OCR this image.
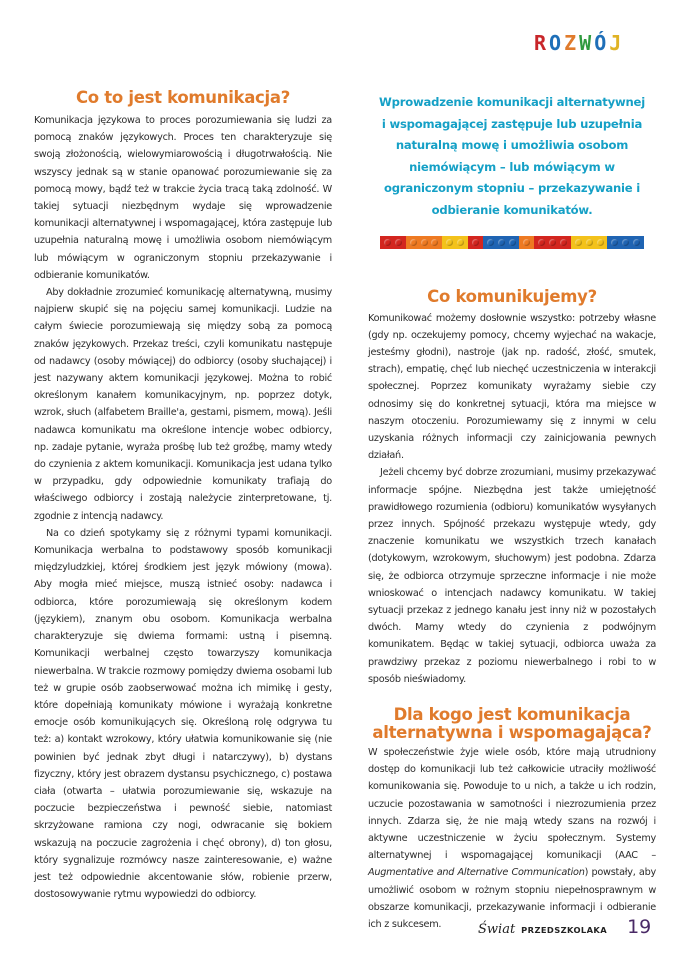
R O Z W Ó J
Co to jest komunikacja?

Komunikacja językowa to proces porozumiewania się ludzi za pomocą znaków językowych. Proces ten charakteryzuje się swoją złożonością, wielowymiarowością i długotrwałością. Nie wszyscy jednak są w stanie opanować porozumiewanie się za pomocą mowy, bądź też w trakcie życia tracą taką zdolność. W takiej sytuacji niezbędnym wydaje się wprowadzenie komunikacji alternatywnej i wspomagającej, która zastępuje lub uzupełnia naturalną mowę i umożliwia osobom niemówiącym lub mówiącym w ograniczonym stopniu przekazywanie i odbieranie komunikatów.

Aby dokładnie zrozumieć komunikację alternatywną, musimy najpierw skupić się na pojęciu samej komunikacji. Ludzie na całym świecie porozumiewają się między sobą za pomocą znaków językowych. Przekaz treści, czyli komunikatu następuje od nadawcy (osoby mówiącej) do odbiorcy (osoby słuchającej) i jest nazywany aktem komunikacji językowej. Można to robić określonym kanałem komunikacyjnym, np. poprzez dotyk, wzrok, słuch (alfabetem Braille'a, gestami, pismem, mową). Jeśli nadawca komunikatu ma określone intencje wobec odbiorcy, np. zadaje pytanie, wyraża prośbę lub też groźbę, mamy wtedy do czynienia z aktem komunikacji. Komunikacja jest udana tylko w przypadku, gdy odpowiednie komunikaty trafiają do właściwego odbiorcy i zostają należycie zinterpretowane, tj. zgodnie z intencją nadawcy.

Na co dzień spotykamy się z różnymi typami komunikacji. Komunikacja werbalna to podstawowy sposób komunikacji międzyludzkiej, której środkiem jest język mówiony (mowa). Aby mogła mieć miejsce, muszą istnieć osoby: nadawca i odbiorca, które porozumiewają się określonym kodem (językiem), znanym obu osobom. Komunikacja werbalna charakteryzuje się dwiema formami: ustną i pisemną. Komunikacji werbalnej często towarzyszy komunikacja niewerbalna. W trakcie rozmowy pomiędzy dwiema osobami lub też w grupie osób zaobserwować można ich mimikę i gesty, które dopełniają komunikaty mówione i wyrażają konkretne emocje osób komunikujących się. Określoną rolę odgrywa tu też: a) kontakt wzrokowy, który ułatwia komunikowanie się (nie powinien być jednak zbyt długi i natarczywy), b) dystans fizyczny, który jest obrazem dystansu psychicznego, c) postawa ciała (otwarta – ułatwia porozumiewanie się, wskazuje na poczucie bezpieczeństwa i pewność siebie, natomiast skrzyżowane ramiona czy nogi, odwracanie się bokiem wskazują na poczucie zagrożenia i chęć obrony), d) ton głosu, który sygnalizuje rozmówcy nasze zainteresowanie, e) ważne jest też odpowiednie akcentowanie słów, robienie przerw, dostosowywanie rytmu wypowiedzi do odbiorcy.

Wprowadzenie komunikacji alternatywnej i wspomagającej zastępuje lub uzupełnia naturalną mowę i umożliwia osobom niemówiącym – lub mówiącym w ograniczonym stopniu – przekazywanie i odbieranie komunikatów.
Co komunikujemy?

Komunikować możemy dosłownie wszystko: potrzeby własne (gdy np. oczekujemy pomocy, chcemy wyjechać na wakacje, jesteśmy głodni), nastroje (jak np. radość, złość, smutek, strach), empatię, chęć lub niechęć uczestniczenia w interakcji społecznej. Poprzez komunikaty wyrażamy siebie czy odnosimy się do konkretnej sytuacji, która ma miejsce w naszym otoczeniu. Porozumiewamy się z innymi w celu uzyskania różnych informacji czy zainicjowania pewnych działań.

Jeżeli chcemy być dobrze zrozumiani, musimy przekazywać informacje spójne. Niezbędna jest także umiejętność prawidłowego rozumienia (odbioru) komunikatów wysyłanych przez innych. Spójność przekazu występuje wtedy, gdy znaczenie komunikatu we wszystkich trzech kanałach (dotykowym, wzrokowym, słuchowym) jest podobna. Zdarza się, że odbiorca otrzymuje sprzeczne informacje i nie może wnioskować o intencjach nadawcy komunikatu. W takiej sytuacji przekaz z jednego kanału jest inny niż w pozostałych dwóch. Mamy wtedy do czynienia z podwójnym komunikatem. Będąc w takiej sytuacji, odbiorca uważa za prawdziwy przekaz z poziomu niewerbalnego i robi to w sposób nieświadomy.

Dla kogo jest komunikacja
alternatywna i wspomagająca?

W społeczeństwie żyje wiele osób, które mają utrudniony dostęp do komunikacji lub też całkowicie utraciły możliwość komunikowania się. Powoduje to u nich, a także u ich rodzin, uczucie pozostawania w samotności i niezrozumienia przez innych. Zdarza się, że nie mają wtedy szans na rozwój i aktywne uczestniczenie w życiu społecznym. Systemy alternatywnej i wspomagającej komunikacji (AAC – Augmentative and Alternative Communication) powstały, aby umożliwić osobom w rożnym stopniu niepełnosprawnym w obszarze komunikacji, przekazywanie informacji i odbieranie ich z sukcesem.	Świat PRZEDSZKOLAKA 19
